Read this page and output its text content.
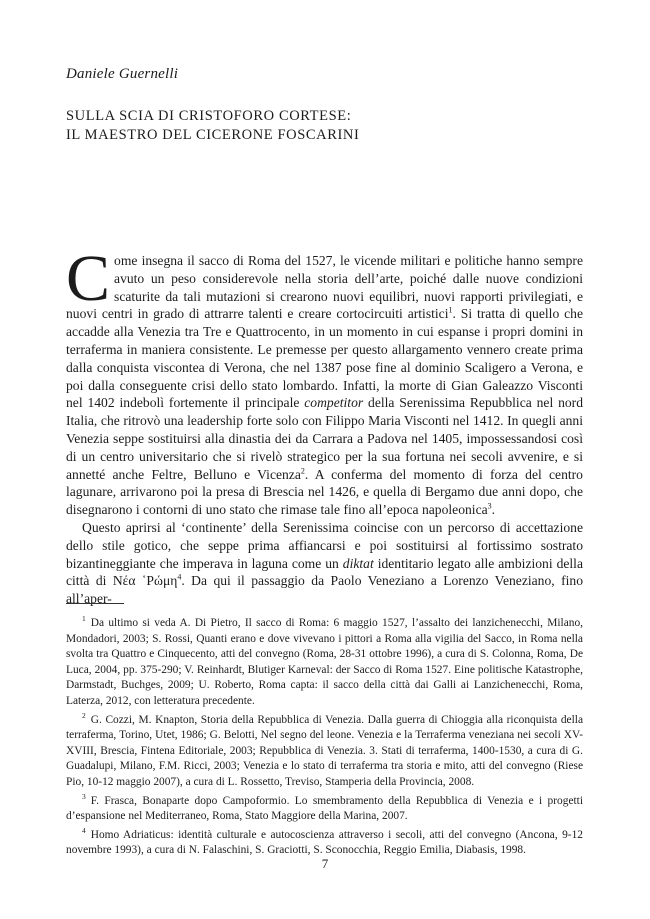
Daniele Guernelli
SULLA SCIA DI CRISTOFORO CORTESE:
IL MAESTRO DEL CICERONE FOSCARINI

Come insegna il sacco di Roma del 1527, le vicende militari e politiche hanno sempre avuto un peso considerevole nella storia dell’arte, poiché dalle nuove condizioni scaturite da tali mutazioni si crearono nuovi equilibri, nuovi rapporti privilegiati, e nuovi centri in grado di attrarre talenti e creare cortocircuiti artistici$^1$. Si tratta di quello che accadde alla Venezia tra Tre e Quattrocento, in un momento in cui espanse i propri domini in terraferma in maniera consistente. Le premesse per questo allargamento vennero create prima dalla conquista viscontea di Verona, che nel 1387 pose fine al dominio Scaligero a Verona, e poi dalla conseguente crisi dello stato lombardo. Infatti, la morte di Gian Galeazzo Visconti nel 1402 indebolì fortemente il principale competitor della Serenissima Repubblica nel nord Italia, che ritrovò una leadership forte solo con Filippo Maria Visconti nel 1412. In quegli anni Venezia seppe sostituirsi alla dinastia dei da Carrara a Padova nel 1405, impossessandosi così di un centro universitario che si rivelò strategico per la sua fortuna nei secoli avvenire, e si annetté anche Feltre, Belluno e Vicenza$^2$. A conferma del momento di forza del centro lagunare, arrivarono poi la presa di Brescia nel 1426, e quella di Bergamo due anni dopo, che disegnarono i contorni di uno stato che rimase tale fino all’epoca napoleonica$^3$.

Questo aprirsi al ‘continente’ della Serenissima coincise con un percorso di accettazione dello stile gotico, che seppe prima affiancarsi e poi sostituirsi al fortissimo sostrato bizantineggiante che imperava in laguna come un diktat identitario legato alle ambizioni della città di Νέα ῾Ρώμη$^4$. Da qui il passaggio da Paolo Veneziano a Lorenzo Veneziano, fino all’aper-

$^1$ Da ultimo si veda A. Di Pietro, Il sacco di Roma: 6 maggio 1527, l’assalto dei lanzichenecchi, Milano, Mondadori, 2003; S. Rossi, Quanti erano e dove vivevano i pittori a Roma alla vigilia del Sacco, in Roma nella svolta tra Quattro e Cinquecento, atti del convegno (Roma, 28-31 ottobre 1996), a cura di S. Colonna, Roma, De Luca, 2004, pp. 375-290; V. Reinhardt, Blutiger Karneval: der Sacco di Roma 1527. Eine politische Katastrophe, Darmstadt, Buchges, 2009; U. Roberto, Roma capta: il sacco della città dai Galli ai Lanzichenecchi, Roma, Laterza, 2012, con letteratura precedente.

$^2$ G. Cozzi, M. Knapton, Storia della Repubblica di Venezia. Dalla guerra di Chioggia alla riconquista della terraferma, Torino, Utet, 1986; G. Belotti, Nel segno del leone. Venezia e la Terraferma veneziana nei secoli XV-XVIII, Brescia, Fintena Editoriale, 2003; Repubblica di Venezia. 3. Stati di terraferma, 1400-1530, a cura di G. Guadalupi, Milano, F.M. Ricci, 2003; Venezia e lo stato di terraferma tra storia e mito, atti del convegno (Riese Pio, 10-12 maggio 2007), a cura di L. Rossetto, Treviso, Stamperia della Provincia, 2008.

$^3$ F. Frasca, Bonaparte dopo Campoformio. Lo smembramento della Repubblica di Venezia e i progetti d’espansione nel Mediterraneo, Roma, Stato Maggiore della Marina, 2007.

$^4$ Homo Adriaticus: identità culturale e autocoscienza attraverso i secoli, atti del convegno (Ancona, 9-12 novembre 1993), a cura di N. Falaschini, S. Graciotti, S. Sconocchia, Reggio Emilia, Diabasis, 1998.

7
